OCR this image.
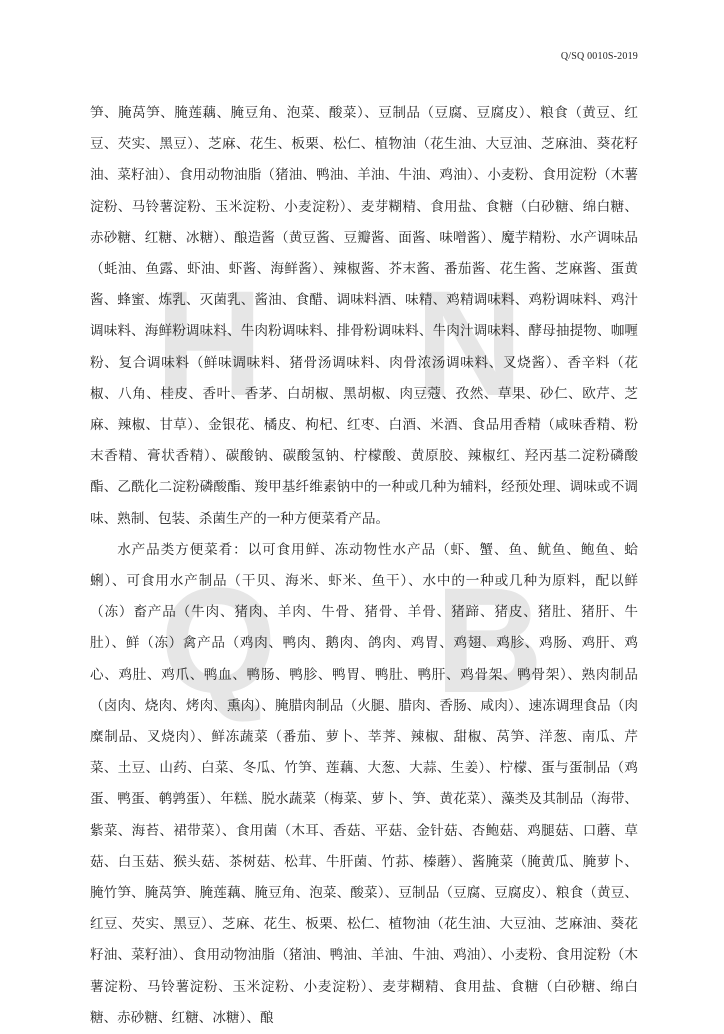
Q/SQ 0010S-2019
H N
Q B

笋、腌莴笋、腌莲藕、腌豆角、泡菜、酸菜）、豆制品（豆腐、豆腐皮）、粮食（黄豆、红豆、芡实、黑豆）、芝麻、花生、板栗、松仁、植物油（花生油、大豆油、芝麻油、葵花籽油、菜籽油）、食用动物油脂（猪油、鸭油、羊油、牛油、鸡油）、小麦粉、食用淀粉（木薯淀粉、马铃薯淀粉、玉米淀粉、小麦淀粉）、麦芽糊精、食用盐、食糖（白砂糖、绵白糖、赤砂糖、红糖、冰糖）、酿造酱（黄豆酱、豆瓣酱、面酱、味噌酱）、魔芋精粉、水产调味品（蚝油、鱼露、虾油、虾酱、海鲜酱）、辣椒酱、芥末酱、番茄酱、花生酱、芝麻酱、蛋黄酱、蜂蜜、炼乳、灭菌乳、酱油、食醋、调味料酒、味精、鸡精调味料、鸡粉调味料、鸡汁调味料、海鲜粉调味料、牛肉粉调味料、排骨粉调味料、牛肉汁调味料、酵母抽提物、咖喱粉、复合调味料（鲜味调味料、猪骨汤调味料、肉骨浓汤调味料、叉烧酱）、香辛料（花椒、八角、桂皮、香叶、香茅、白胡椒、黑胡椒、肉豆蔻、孜然、草果、砂仁、欧芹、芝麻、辣椒、甘草）、金银花、橘皮、枸杞、红枣、白酒、米酒、食品用香精（咸味香精、粉末香精、膏状香精）、碳酸钠、碳酸氢钠、柠檬酸、黄原胶、辣椒红、羟丙基二淀粉磷酸酯、乙酰化二淀粉磷酸酯、羧甲基纤维素钠中的一种或几种为辅料，经预处理、调味或不调味、熟制、包装、杀菌生产的一种方便菜肴产品。

水产品类方便菜肴：以可食用鲜、冻动物性水产品（虾、蟹、鱼、鱿鱼、鲍鱼、蛤蜊）、可食用水产制品（干贝、海米、虾米、鱼干）、水中的一种或几种为原料，配以鲜（冻）畜产品（牛肉、猪肉、羊肉、牛骨、猪骨、羊骨、猪蹄、猪皮、猪肚、猪肝、牛肚）、鲜（冻）禽产品（鸡肉、鸭肉、鹅肉、鸽肉、鸡胃、鸡翅、鸡胗、鸡肠、鸡肝、鸡心、鸡肚、鸡爪、鸭血、鸭肠、鸭胗、鸭胃、鸭肚、鸭肝、鸡骨架、鸭骨架）、熟肉制品（卤肉、烧肉、烤肉、熏肉）、腌腊肉制品（火腿、腊肉、香肠、咸肉）、速冻调理食品（肉糜制品、叉烧肉）、鲜冻蔬菜（番茄、萝卜、莘荠、辣椒、甜椒、莴笋、洋葱、南瓜、芹菜、土豆、山药、白菜、冬瓜、竹笋、莲藕、大葱、大蒜、生姜）、柠檬、蛋与蛋制品（鸡蛋、鸭蛋、鹌鹑蛋）、年糕、脱水蔬菜（梅菜、萝卜、笋、黄花菜）、藻类及其制品（海带、紫菜、海苔、裙带菜）、食用菌（木耳、香菇、平菇、金针菇、杏鲍菇、鸡腿菇、口蘑、草菇、白玉菇、猴头菇、茶树菇、松茸、牛肝菌、竹荪、榛蘑）、酱腌菜（腌黄瓜、腌萝卜、腌竹笋、腌莴笋、腌莲藕、腌豆角、泡菜、酸菜）、豆制品（豆腐、豆腐皮）、粮食（黄豆、红豆、芡实、黑豆）、芝麻、花生、板栗、松仁、植物油（花生油、大豆油、芝麻油、葵花籽油、菜籽油）、食用动物油脂（猪油、鸭油、羊油、牛油、鸡油）、小麦粉、食用淀粉（木薯淀粉、马铃薯淀粉、玉米淀粉、小麦淀粉）、麦芽糊精、食用盐、食糖（白砂糖、绵白糖、赤砂糖、红糖、冰糖）、酿
